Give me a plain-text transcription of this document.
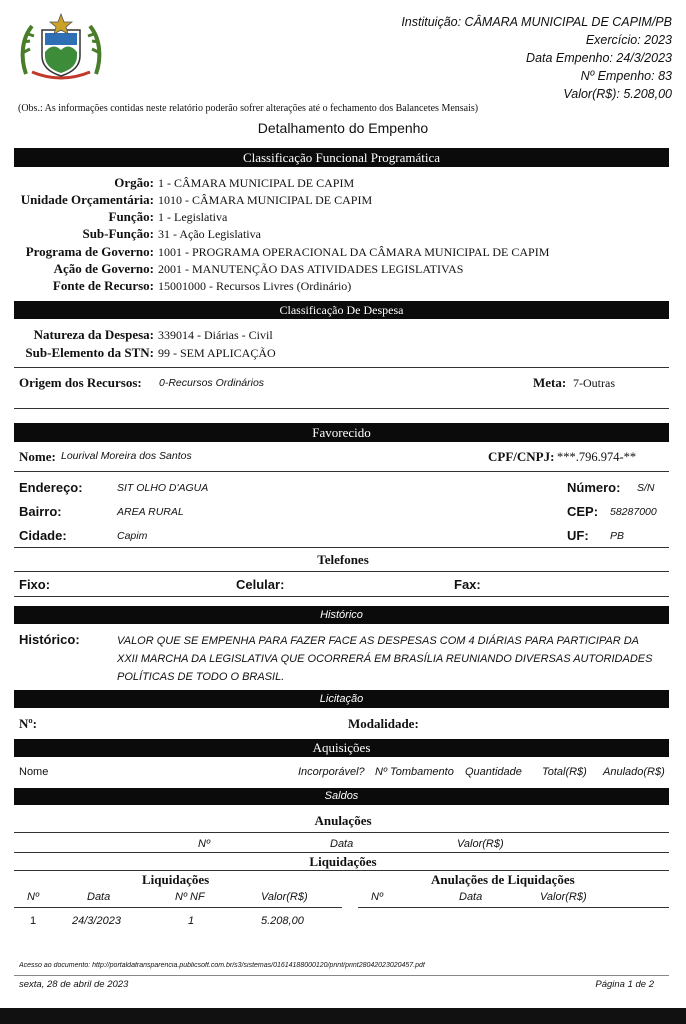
Instituição: CÂMARA MUNICIPAL DE CAPIM/PB
Exercício: 2023
Data Empenho: 24/3/2023
Nº Empenho: 83
Valor(R$): 5.208,00
(Obs.: As informações contidas neste relatório poderão sofrer alterações até o fechamento dos Balancetes Mensais)
Detalhamento do Empenho
Classificação Funcional Programática
Orgão: 1 - CÂMARA MUNICIPAL DE CAPIM
Unidade Orçamentária: 1010 - CÂMARA MUNICIPAL DE CAPIM
Função: 1 - Legislativa
Sub-Função: 31 - Ação Legislativa
Programa de Governo: 1001 - PROGRAMA OPERACIONAL DA CÂMARA MUNICIPAL DE CAPIM
Ação de Governo: 2001 - MANUTENÇÃO DAS ATIVIDADES LEGISLATIVAS
Fonte de Recurso: 15001000 - Recursos Livres (Ordinário)
Classificação De Despesa
Natureza da Despesa: 339014 - Diárias - Civil
Sub-Elemento da STN: 99 - SEM APLICAÇÃO
Origem dos Recursos: 0-Recursos Ordinários	Meta: 7-Outras
Favorecido
Nome: Lourival Moreira dos Santos	CPF/CNPJ: ***.796.974-**
Endereço:	SIT OLHO D'AGUA	Número: S/N
Bairro:	AREA RURAL	CEP: 58287000
Cidade:	Capim	UF: PB
Telefones
Fixo:	Celular:	Fax:
Histórico
Histórico:	VALOR QUE SE EMPENHA PARA FAZER FACE AS DESPESAS COM 4 DIÁRIAS PARA PARTICIPAR DA
XXII MARCHA DA LEGISLATIVA QUE OCORRERÁ EM BRASÍLIA REUNIANDO DIVERSAS AUTORIDADES
POLÍTICAS DE TODO O BRASIL.
Licitação
Nº:	Modalidade:
Aquisições
Nome	Incorporável? Nº Tombamento Quantidade Total(R$) Anulado(R$)
Saldos
Anulações
Nº	Data	Valor(R$)
Liquidações
Liquidações
Nº	Data	Nº NF	Valor(R$)
1	24/3/2023	1	5.208,00
Anulações de Liquidações
Nº	Data	Valor(R$)
Acesso ao documento: http://portaldatransparencia.publicsoft.com.br/s3/sistemas/01614188000120/print/print28042023020457.pdf
sexta, 28 de abril de 2023	Página 1 de 2
